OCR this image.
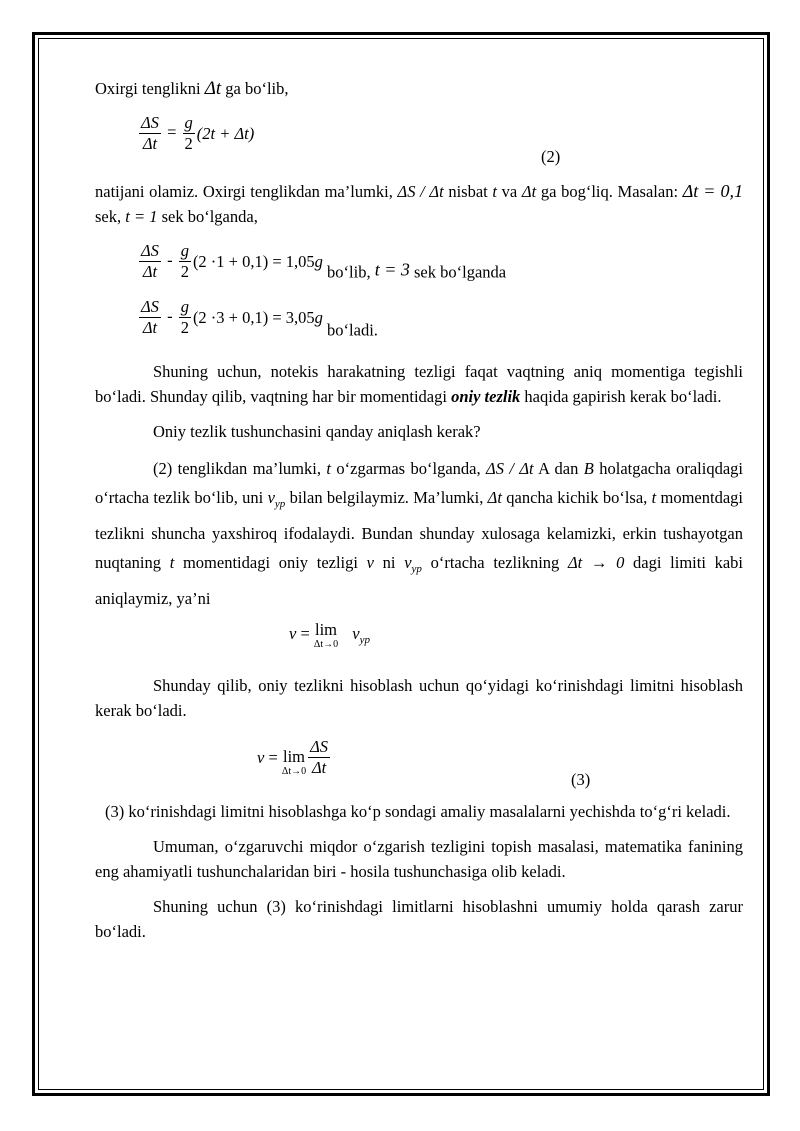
Oxirgi tenglikni Δt ga bo‘lib,

$\frac{\Delta S}{\Delta t} = \frac{g}{2} (2t + \Delta t)$
(2)

natijani olamiz. Oxirgi tenglikdan ma’lumki, ΔS / Δt nisbat t va Δt ga bog‘liq. Masalan: Δt = 0,1 sek, t = 1 sek bo‘lganda,

$\frac{\Delta S}{\Delta t} - \frac{g}{2} (2 \cdot 1 + 0,1) = 1,05g$ bo‘lib, t = 3 sek bo‘lganda
$\frac{\Delta S}{\Delta t} - \frac{g}{2} (2 \cdot 3 + 0,1) = 3,05g$ bo‘ladi.

Shuning uchun, notekis harakatning tezligi faqat vaqtning aniq momentiga tegishli bo‘ladi. Shunday qilib, vaqtning har bir momentidagi oniy tezlik haqida gapirish kerak bo‘ladi.

Oniy tezlik tushunchasini qanday aniqlash kerak?

(2) tenglikdan ma’lumki, t o‘zgarmas bo‘lganda, ΔS / Δt A dan B holatgacha oraliqdagi o‘rtacha tezlik bo‘lib, uni $v_{yp}$ bilan belgilaymiz. Ma’lumki, Δt qancha kichik bo‘lsa, t momentdagi tezlikni shuncha yaxshiroq ifodalaydi. Bundan shunday xulosaga kelamizki, erkin tushayotgan nuqtaning t momentidagi oniy tezligi v ni $v_{yp}$ o‘rtacha tezlikning Δt → 0 dagi limiti kabi aniqlaymiz, ya’ni

v = lim
Δt→0
$v_{yp}$

Shunday qilib, oniy tezlikni hisoblash uchun qo‘yidagi ko‘rinishdagi limitni hisoblash kerak bo‘ladi.

v = lim
$\Delta t\to 0 \frac{\Delta S}{\Delta t}$
(3)

(3) ko‘rinishdagi limitni hisoblashga ko‘p sondagi amaliy masalalarni yechishda to‘g‘ri keladi.

Umuman, o‘zgaruvchi miqdor o‘zgarish tezligini topish masalasi, matematika fanining eng ahamiyatli tushunchalaridan biri - hosila tushunchasiga olib keladi.

Shuning uchun (3) ko‘rinishdagi limitlarni hisoblashni umumiy holda qarash zarur bo‘ladi.
